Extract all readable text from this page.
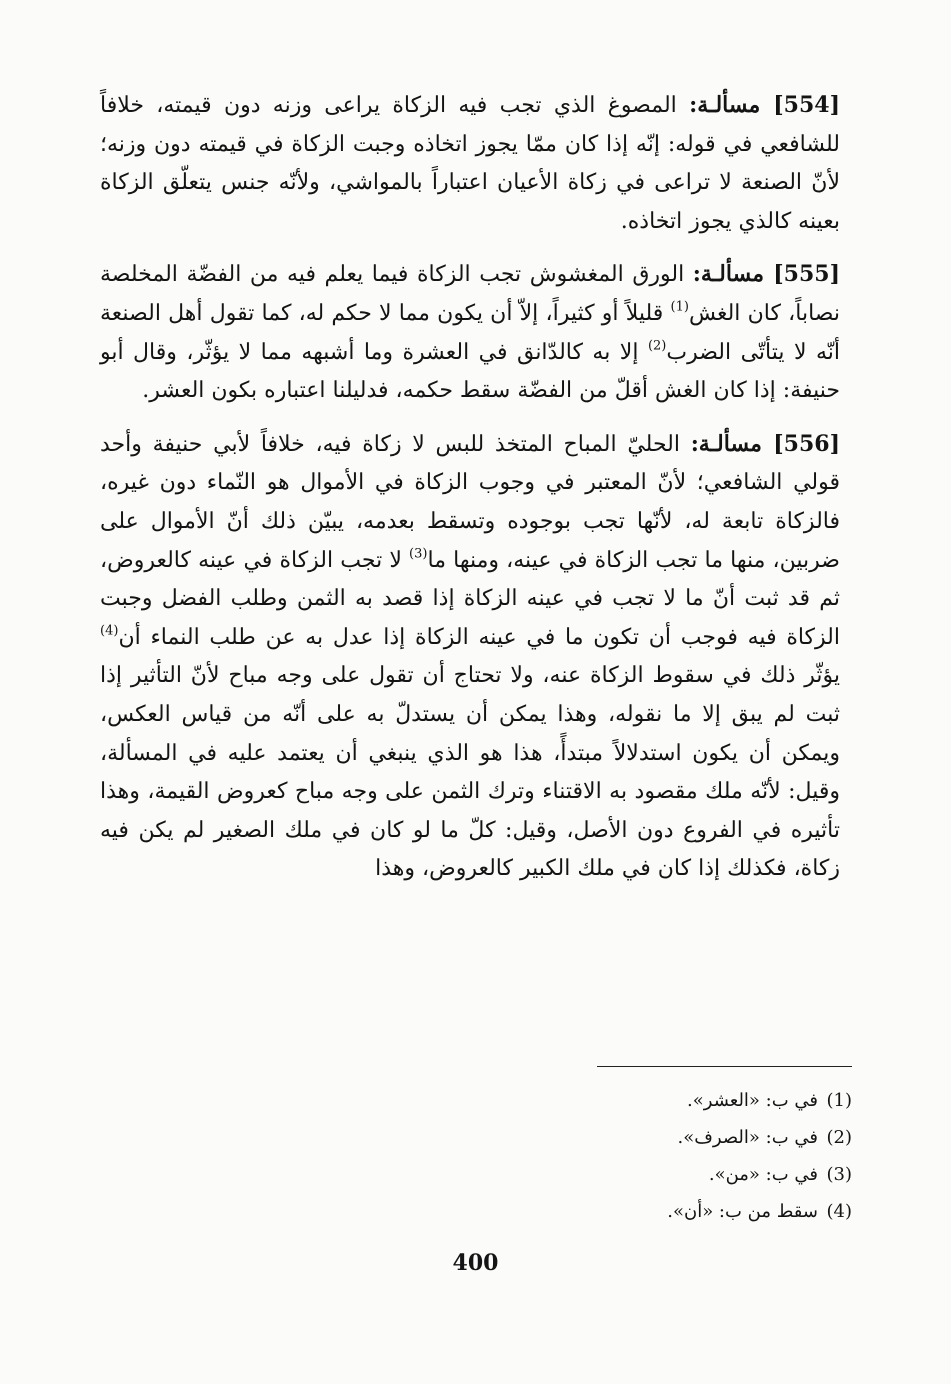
[554] مسألـة: المصوغ الذي تجب فيه الزكاة يراعى وزنه دون قيمته، خلافاً للشافعي في قوله: إنّه إذا كان ممّا يجوز اتخاذه وجبت الزكاة في قيمته دون وزنه؛ لأنّ الصنعة لا تراعى في زكاة الأعيان اعتباراً بالمواشي، ولأنّه جنس يتعلّق الزكاة بعينه كالذي يجوز اتخاذه.

[555] مسألـة: الورق المغشوش تجب الزكاة فيما يعلم فيه من الفضّة المخلصة نصاباً، كان الغش$^{(1)}$ قليلاً أو كثيراً، إلاّ أن يكون مما لا حكم له، كما تقول أهل الصنعة أنّه لا يتأتّى الضرب$^{(2)}$ إلا به كالدّانق في العشرة وما أشبهه مما لا يؤثّر، وقال أبو حنيفة: إذا كان الغش أقلّ من الفضّة سقط حكمه، فدليلنا اعتباره بكون العشر.

[556] مسألـة: الحليّ المباح المتخذ للبس لا زكاة فيه، خلافاً لأبي حنيفة وأحد قولي الشافعي؛ لأنّ المعتبر في وجوب الزكاة في الأموال هو النّماء دون غيره، فالزكاة تابعة له، لأنّها تجب بوجوده وتسقط بعدمه، يبيّن ذلك أنّ الأموال على ضربين، منها ما تجب الزكاة في عينه، ومنها ما$^{(3)}$ لا تجب الزكاة في عينه كالعروض، ثم قد ثبت أنّ ما لا تجب في عينه الزكاة إذا قصد به الثمن وطلب الفضل وجبت الزكاة فيه فوجب أن تكون ما في عينه الزكاة إذا عدل به عن طلب النماء أن$^{(4)}$ يؤثّر ذلك في سقوط الزكاة عنه، ولا تحتاج أن تقول على وجه مباح لأنّ التأثير إذا ثبت لم يبق إلا ما نقوله، وهذا يمكن أن يستدلّ به على أنّه من قياس العكس، ويمكن أن يكون استدلالاً مبتدأً، هذا هو الذي ينبغي أن يعتمد عليه في المسألة، وقيل: لأنّه ملك مقصود به الاقتناء وترك الثمن على وجه مباح كعروض القيمة، وهذا تأثيره في الفروع دون الأصل، وقيل: كلّ ما لو كان في ملك الصغير لم يكن فيه زكاة، فكذلك إذا كان في ملك الكبير كالعروض، وهذا

(1)في ب: «العشر».
(2)في ب: «الصرف».
(3)في ب: «من».
(4)سقط من ب: «أن».
400
